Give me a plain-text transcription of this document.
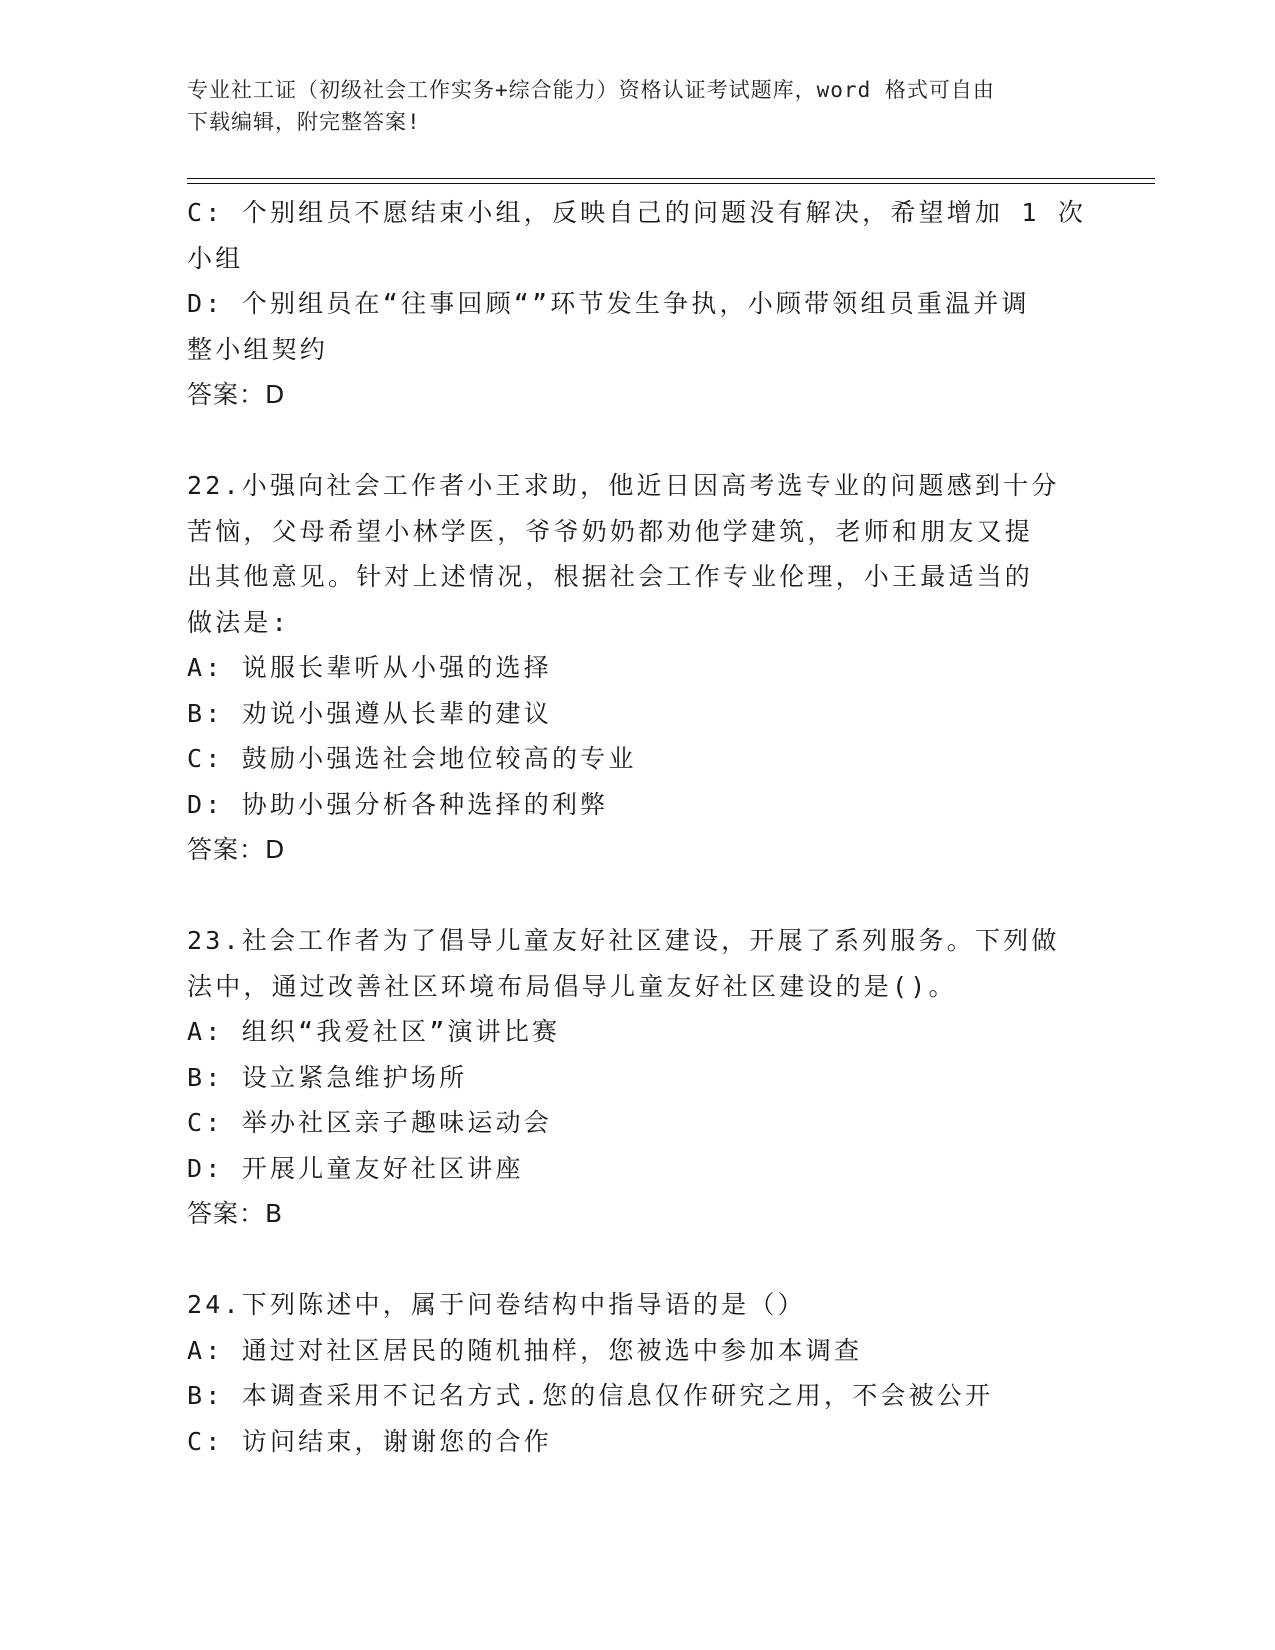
专业社工证（初级社会工作实务+综合能力）资格认证考试题库，word 格式可自由
下载编辑，附完整答案!
C: 个别组员不愿结束小组，反映自己的问题没有解决，希望增加 1 次
小组
D: 个别组员在“往事回顾“”环节发生争执，小顾带领组员重温并调
整小组契约
答案：D
22.小强向社会工作者小王求助，他近日因高考选专业的问题感到十分
苦恼，父母希望小林学医，爷爷奶奶都劝他学建筑，老师和朋友又提
出其他意见。针对上述情况，根据社会工作专业伦理，小王最适当的
做法是:
A: 说服长辈听从小强的选择
B: 劝说小强遵从长辈的建议
C: 鼓励小强选社会地位较高的专业
D: 协助小强分析各种选择的利弊
答案：D
23.社会工作者为了倡导儿童友好社区建设，开展了系列服务。下列做
法中，通过改善社区环境布局倡导儿童友好社区建设的是()。
A: 组织“我爱社区”演讲比赛
B: 设立紧急维护场所
C: 举办社区亲子趣味运动会
D: 开展儿童友好社区讲座
答案：B
24.下列陈述中，属于问卷结构中指导语的是（）
A: 通过对社区居民的随机抽样，您被选中参加本调查
B: 本调查采用不记名方式.您的信息仅作研究之用，不会被公开
C: 访问结束，谢谢您的合作
